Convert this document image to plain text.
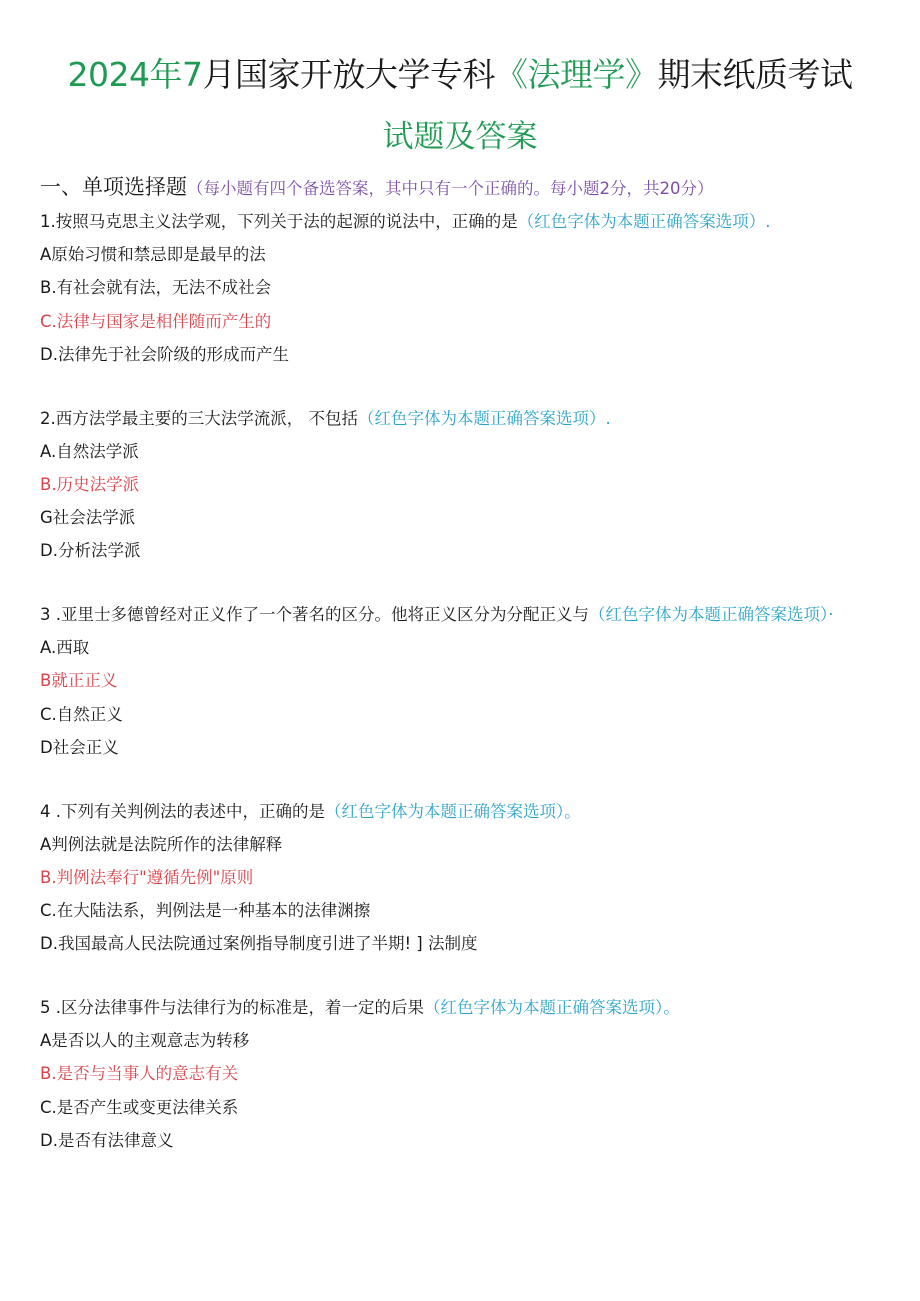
2024年7月国家开放大学专科《法理学》期末纸质考试
试题及答案
一、单项选择题（每小题有四个备选答案，其中只有一个正确的。每小题2分，共20分）
1.按照马克思主义法学观，下列关于法的起源的说法中，正确的是（红色字体为本题正确答案选项）.
A原始习惯和禁忌即是最早的法
B.有社会就有法，无法不成社会
C.法律与国家是相伴随而产生的
D.法律先于社会阶级的形成而产生
2.西方法学最主要的三大法学流派， 不包括（红色字体为本题正确答案选项）.
A.自然法学派
B.历史法学派
G社会法学派
D.分析法学派
3 .亚里士多德曾经对正义作了一个著名的区分。他将正义区分为分配正义与（红色字体为本题正确答案选项）·
A.西取
B就正正义
C.自然正义
D社会正义
4 .下列有关判例法的表述中，正确的是（红色字体为本题正确答案选项）。
A判例法就是法院所作的法律解释
B.判例法奉行"遵循先例"原则
C.在大陆法系，判例法是一种基本的法律渊擦
D.我国最高人民法院通过案例指导制度引进了半期! ] 法制度
5 .区分法律事件与法律行为的标准是，着一定的后果（红色字体为本题正确答案选项）。
A是否以人的主观意志为转移
B.是否与当事人的意志有关
C.是否产生或变更法律关系
D.是否有法律意义
